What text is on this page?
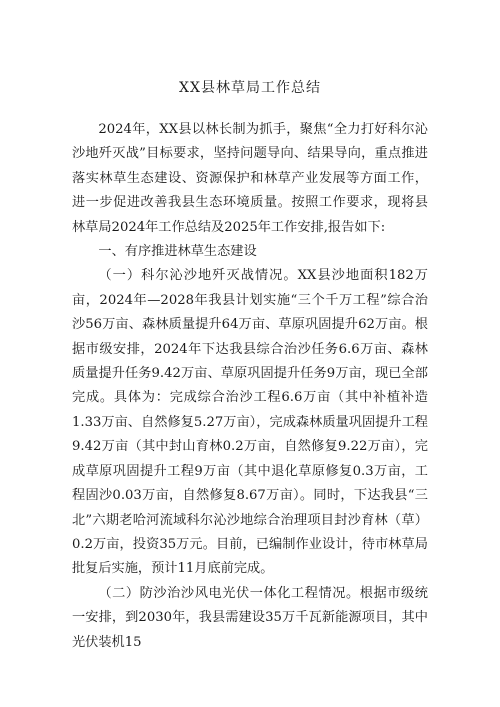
XX县林草局工作总结

2024年，XX县以林长制为抓手，聚焦“全力打好科尔沁沙地歼灭战”目标要求，坚持问题导向、结果导向，重点推进落实林草生态建设、资源保护和林草产业发展等方面工作，进一步促进改善我县生态环境质量。按照工作要求，现将县林草局2024年工作总结及2025年工作安排,报告如下:

一、有序推进林草生态建设

（一）科尔沁沙地歼灭战情况。XX县沙地面积182万亩，2024年—2028年我县计划实施“三个千万工程”综合治沙56万亩、森林质量提升64万亩、草原巩固提升62万亩。根据市级安排，2024年下达我县综合治沙任务6.6万亩、森林质量提升任务9.42万亩、草原巩固提升任务9万亩，现已全部完成。具体为：完成综合治沙工程6.6万亩（其中补植补造1.33万亩、自然修复5.27万亩），完成森林质量巩固提升工程9.42万亩（其中封山育林0.2万亩，自然修复9.22万亩），完成草原巩固提升工程9万亩（其中退化草原修复0.3万亩，工程固沙0.03万亩，自然修复8.67万亩）。同时，下达我县“三北”六期老哈河流域科尔沁沙地综合治理项目封沙育林（草）0.2万亩，投资35万元。目前，已编制作业设计，待市林草局批复后实施，预计11月底前完成。

（二）防沙治沙风电光伏一体化工程情况。根据市级统一安排，到2030年，我县需建设35万千瓦新能源项目，其中光伏装机15
